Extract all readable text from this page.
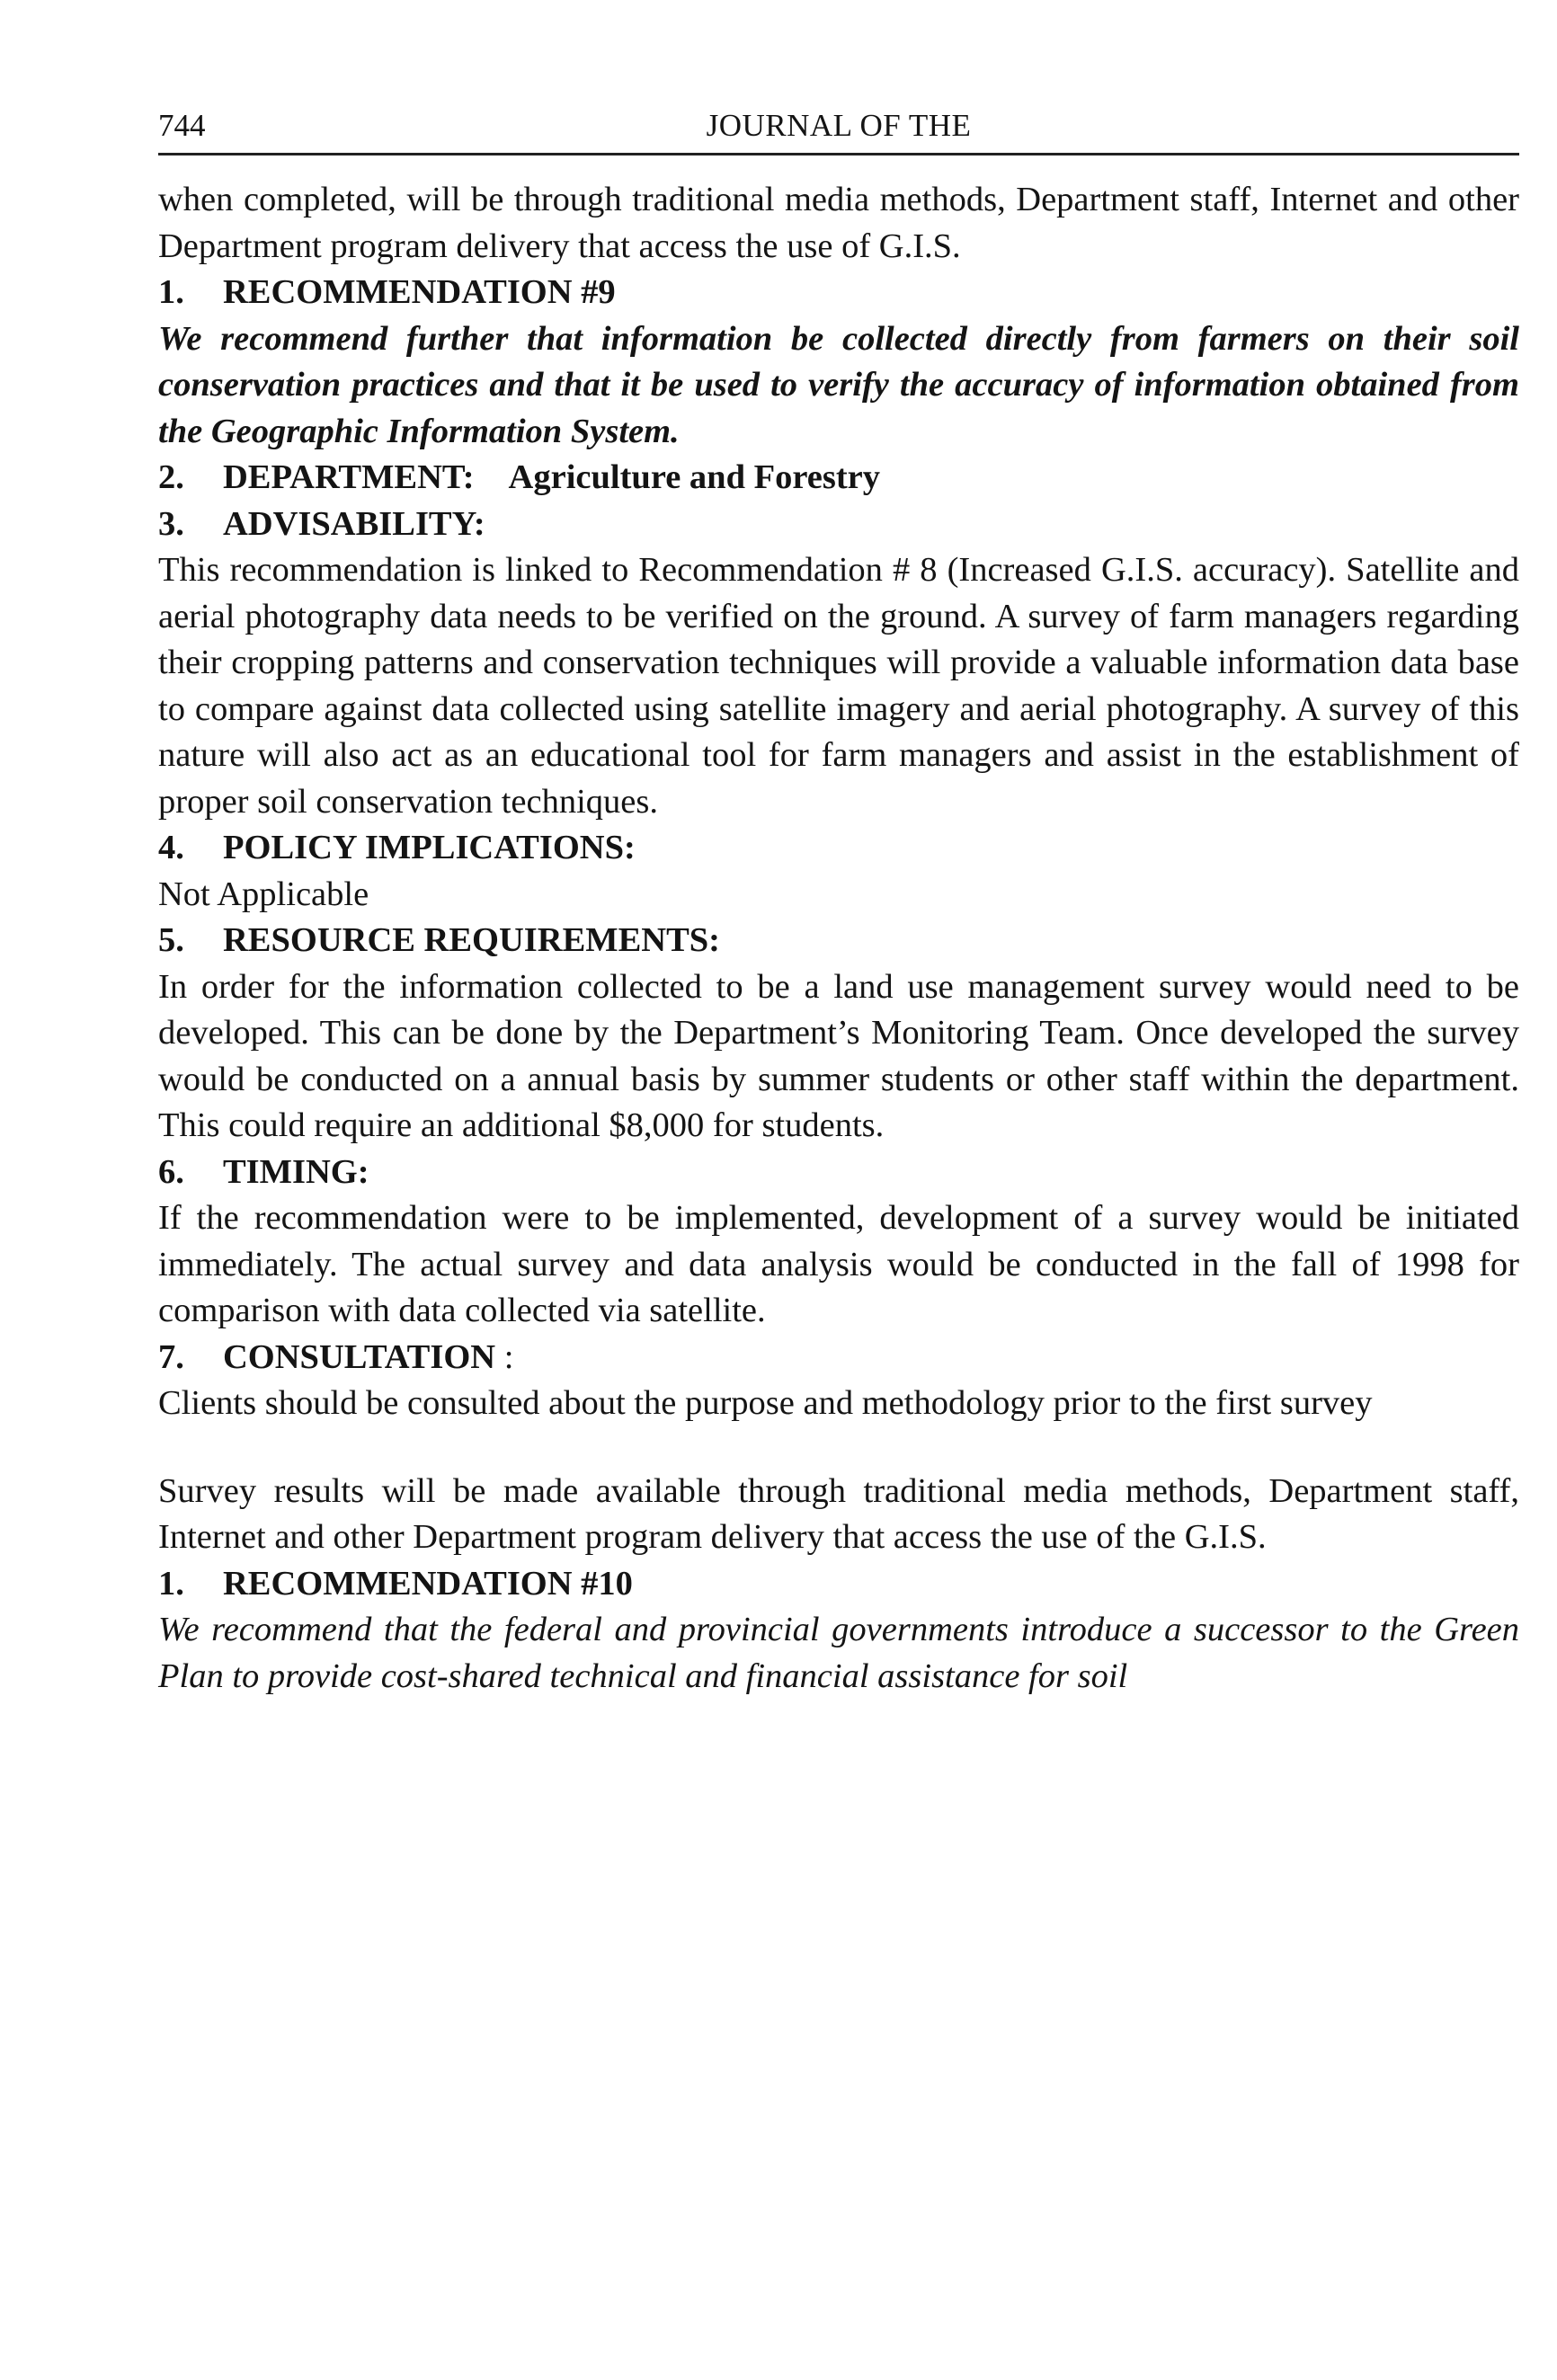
744	JOURNAL OF THE

when completed, will be through traditional media methods, Department staff, Internet and other Department program delivery that access the use of G.I.S.

1. RECOMMENDATION #9

We recommend further that information be collected directly from farmers on their soil conservation practices and that it be used to verify the accuracy of information obtained from the Geographic Information System.

2. DEPARTMENT: Agriculture and Forestry
3. ADVISABILITY:

This recommendation is linked to Recommendation # 8 (Increased G.I.S. accuracy). Satellite and aerial photography data needs to be verified on the ground. A survey of farm managers regarding their cropping patterns and conservation techniques will provide a valuable information data base to compare against data collected using satellite imagery and aerial photography. A survey of this nature will also act as an educational tool for farm managers and assist in the establishment of proper soil conservation techniques.

4. POLICY IMPLICATIONS:

Not Applicable

5. RESOURCE REQUIREMENTS:

In order for the information collected to be a land use management survey would need to be developed. This can be done by the Department’s Monitoring Team. Once developed the survey would be conducted on a annual basis by summer students or other staff within the department. This could require an additional $8,000 for students.

6. TIMING:

If the recommendation were to be implemented, development of a survey would be initiated immediately. The actual survey and data analysis would be conducted in the fall of 1998 for comparison with data collected via satellite.

7. CONSULTATION :

Clients should be consulted about the purpose and methodology prior to the first survey

Survey results will be made available through traditional media methods, Department staff, Internet and other Department program delivery that access the use of the G.I.S.

1. RECOMMENDATION #10

We recommend that the federal and provincial governments introduce a successor to the Green Plan to provide cost-shared technical and financial assistance for soil
